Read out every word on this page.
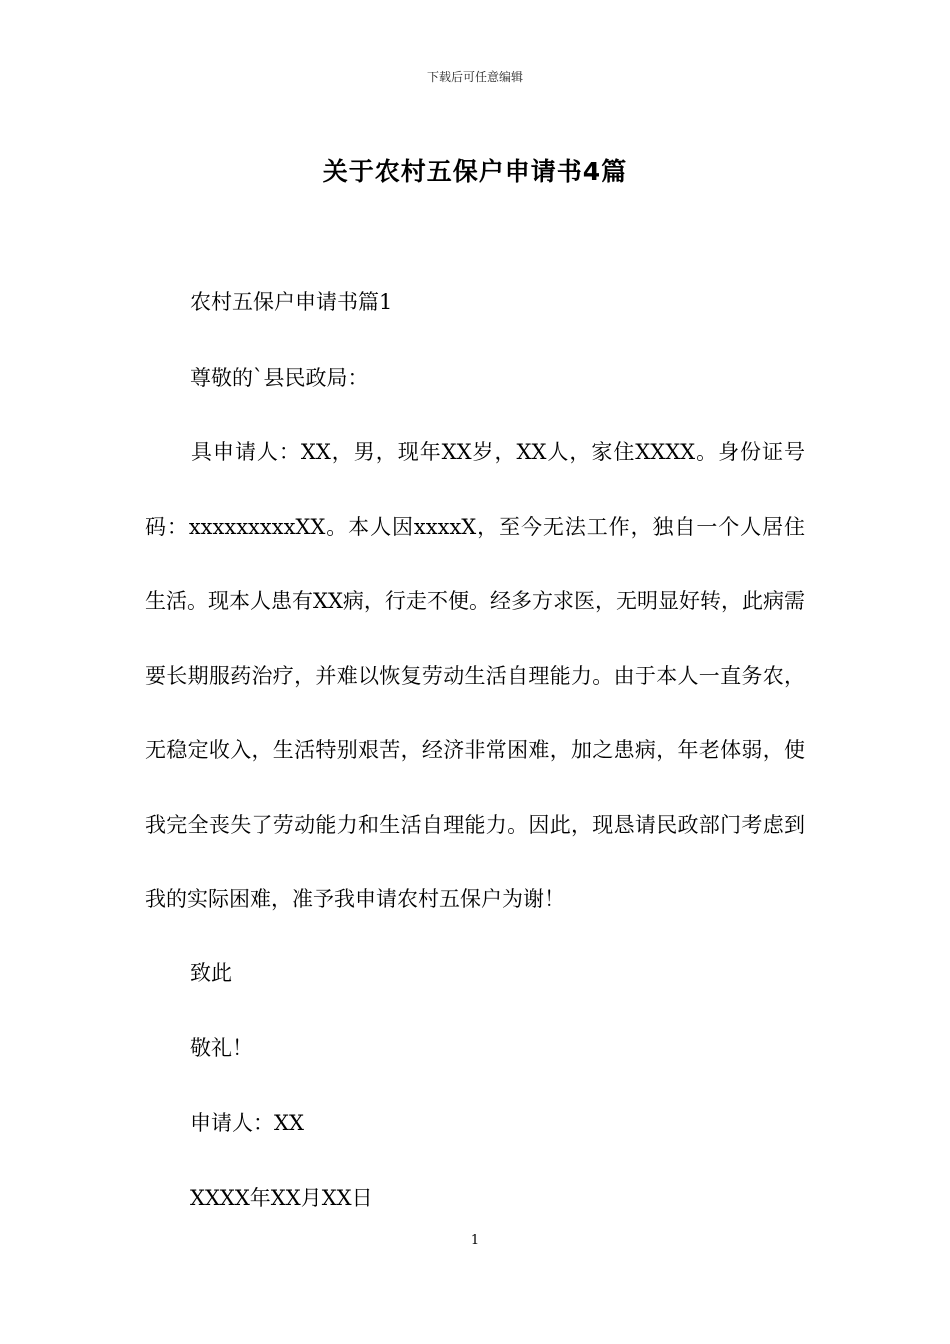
下载后可任意编辑
关于农村五保户申请书4篇
农村五保户申请书篇1
尊敬的`县民政局：

具申请人：XX，男，现年XX岁，XX人，家住XXXX。身份证号码：xxxxxxxxxXX。本人因xxxxX，至今无法工作，独自一个人居住生活。现本人患有XX病，行走不便。经多方求医，无明显好转，此病需要长期服药治疗，并难以恢复劳动生活自理能力。由于本人一直务农，无稳定收入，生活特别艰苦，经济非常困难，加之患病，年老体弱，使我完全丧失了劳动能力和生活自理能力。因此，现恳请民政部门考虑到我的实际困难，准予我申请农村五保户为谢！

致此
敬礼！
申请人：XX
XXXX年XX月XX日
1
